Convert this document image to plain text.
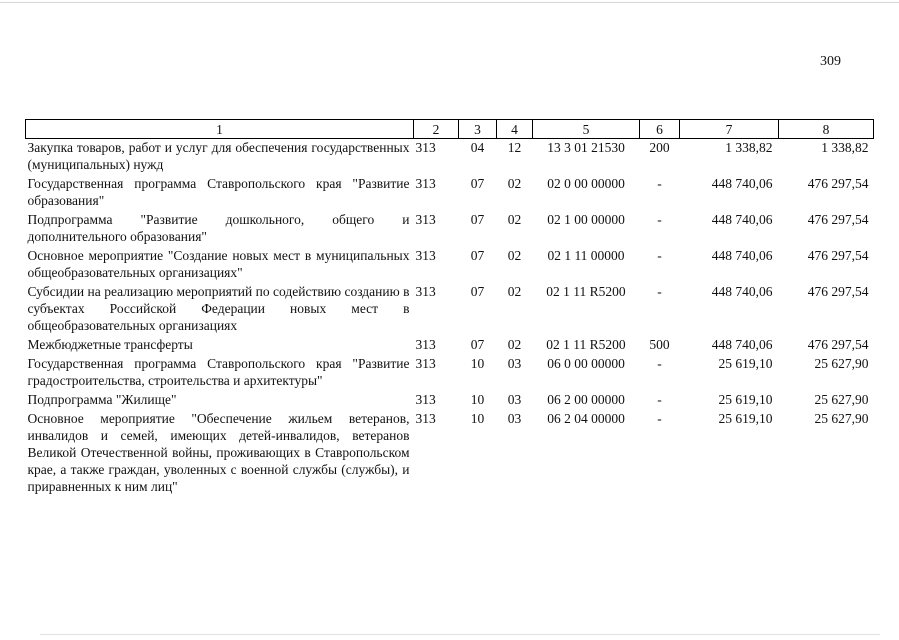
309
1	2	3	4	5	6	7	8
Закупка товаров, работ и услуг для обеспечения государственных (муниципальных) нужд	313	04	12	13 3 01 21530	200	1 338,82	1 338,82
Государственная программа Ставропольского края "Развитие образования"	313	07	02	02 0 00 00000	-	448 740,06	476 297,54
Подпрограмма "Развитие дошкольного, общего и дополнительного образования"	313	07	02	02 1 00 00000	-	448 740,06	476 297,54
Основное мероприятие "Создание новых мест в муниципальных общеобразовательных организациях"	313	07	02	02 1 11 00000	-	448 740,06	476 297,54
Субсидии на реализацию мероприятий по содействию созданию в субъектах Российской Федерации новых мест в общеобразовательных организациях	313	07	02	02 1 11 R5200	-	448 740,06	476 297,54
Межбюджетные трансферты	313	07	02	02 1 11 R5200	500	448 740,06	476 297,54
Государственная программа Ставропольского края "Развитие градостроительства, строительства и архитектуры"	313	10	03	06 0 00 00000	-	25 619,10	25 627,90
Подпрограмма "Жилище"	313	10	03	06 2 00 00000	-	25 619,10	25 627,90
Основное мероприятие "Обеспечение жильем ветеранов, инвалидов и семей, имеющих детей-инвалидов, ветеранов Великой Отечественной войны, проживающих в Ставропольском крае, а также граждан, уволенных с военной службы (службы), и приравненных к ним лиц"	313	10	03	06 2 04 00000	-	25 619,10	25 627,90
